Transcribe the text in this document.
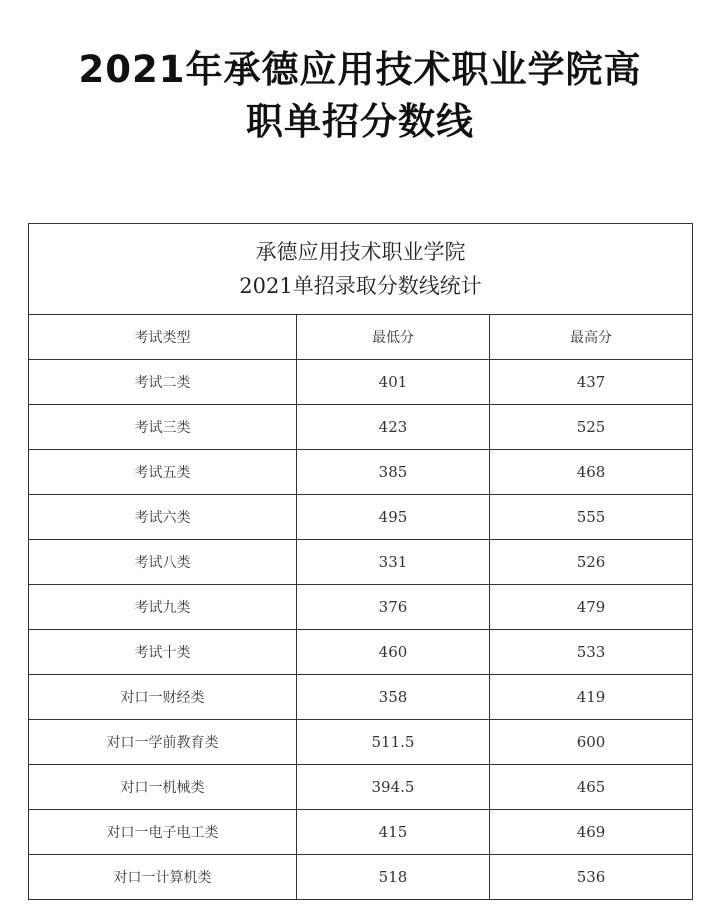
2021年承德应用技术职业学院高
职单招分数线
承德应用技术职业学院
2021单招录取分数线统计		

考试类型	最低分	最高分
考试二类	401	437
考试三类	423	525
考试五类	385	468
考试六类	495	555
考试八类	331	526
考试九类	376	479
考试十类	460	533
对口一财经类	358	419
对口一学前教育类	511.5	600
对口一机械类	394.5	465
对口一电子电工类	415	469
对口一计算机类	518	536
